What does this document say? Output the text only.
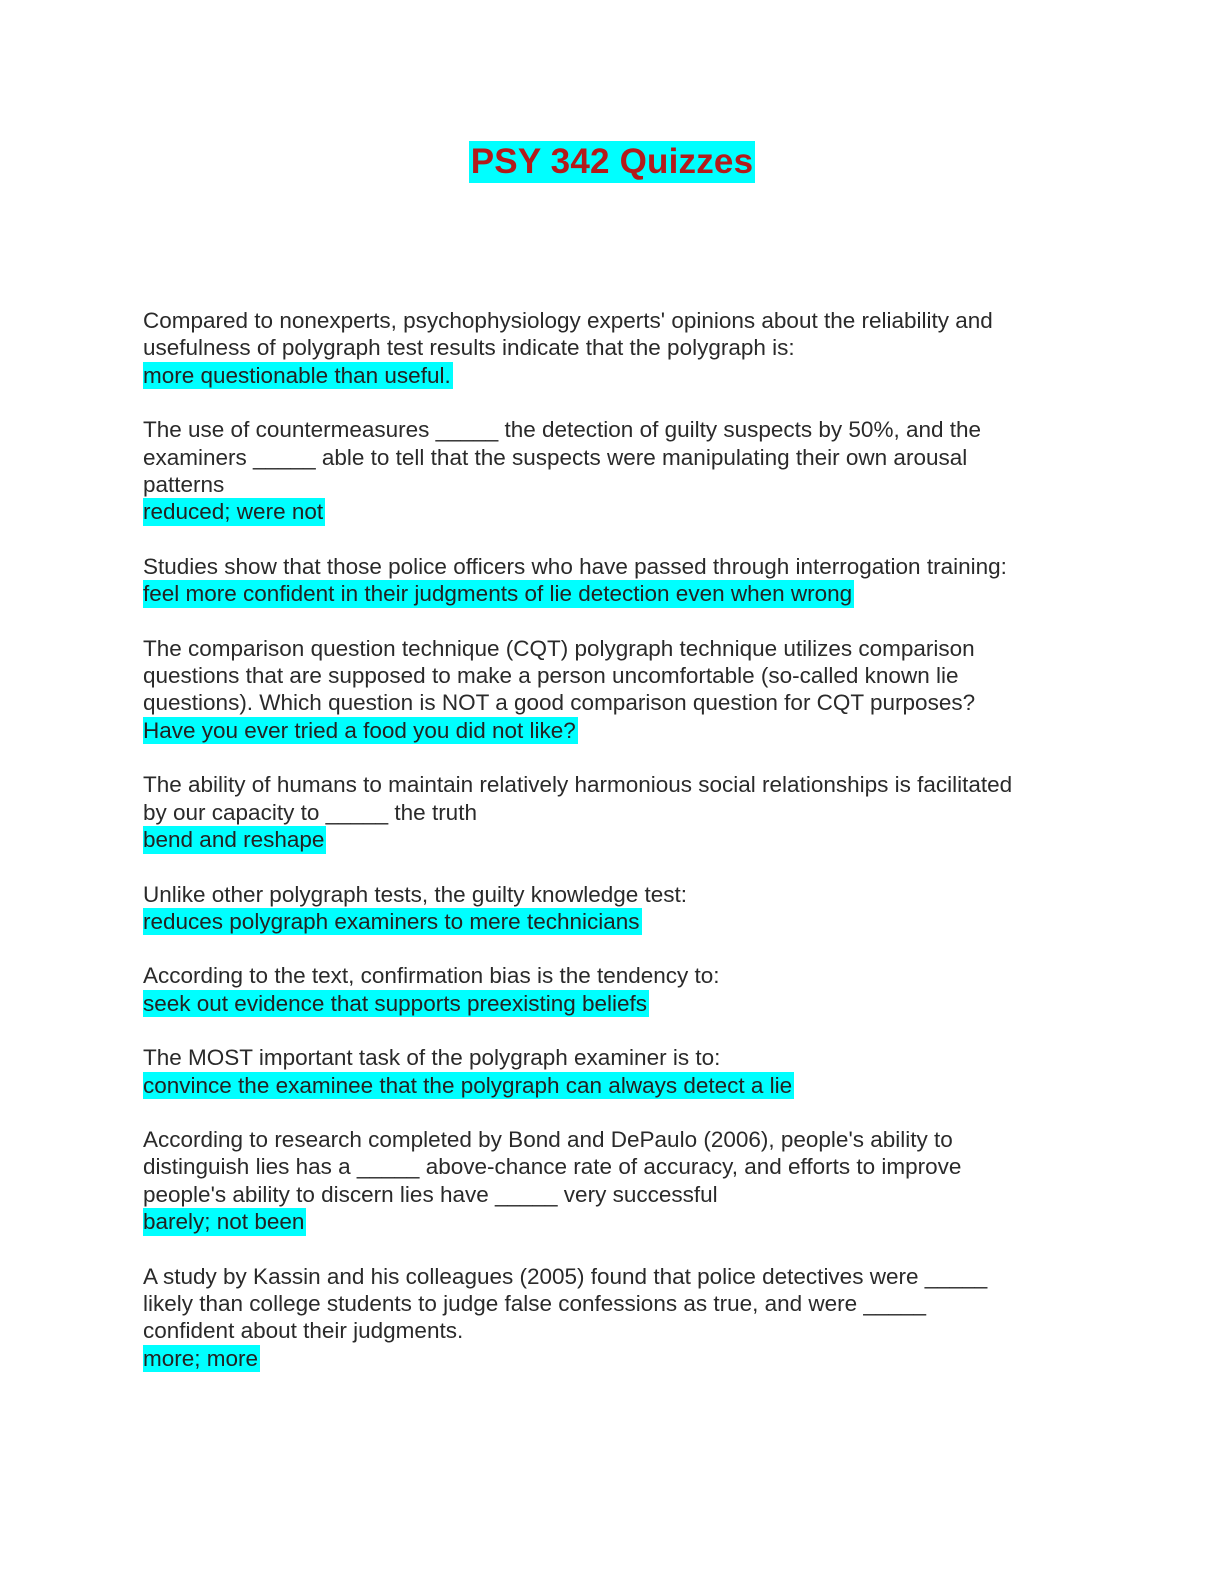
PSY 342 Quizzes
Compared to nonexperts, psychophysiology experts' opinions about the reliability and
usefulness of polygraph test results indicate that the polygraph is:
more questionable than useful.
The use of countermeasures _____ the detection of guilty suspects by 50%, and the
examiners _____ able to tell that the suspects were manipulating their own arousal
patterns
reduced; were not
Studies show that those police officers who have passed through interrogation training:
feel more confident in their judgments of lie detection even when wrong
The comparison question technique (CQT) polygraph technique utilizes comparison
questions that are supposed to make a person uncomfortable (so-called known lie
questions). Which question is NOT a good comparison question for CQT purposes?
Have you ever tried a food you did not like?
The ability of humans to maintain relatively harmonious social relationships is facilitated
by our capacity to _____ the truth
bend and reshape
Unlike other polygraph tests, the guilty knowledge test:
reduces polygraph examiners to mere technicians
According to the text, confirmation bias is the tendency to:
seek out evidence that supports preexisting beliefs
The MOST important task of the polygraph examiner is to:
convince the examinee that the polygraph can always detect a lie
According to research completed by Bond and DePaulo (2006), people's ability to
distinguish lies has a _____ above-chance rate of accuracy, and efforts to improve
people's ability to discern lies have _____ very successful
barely; not been
A study by Kassin and his colleagues (2005) found that police detectives were _____
likely than college students to judge false confessions as true, and were _____
confident about their judgments.
more; more
